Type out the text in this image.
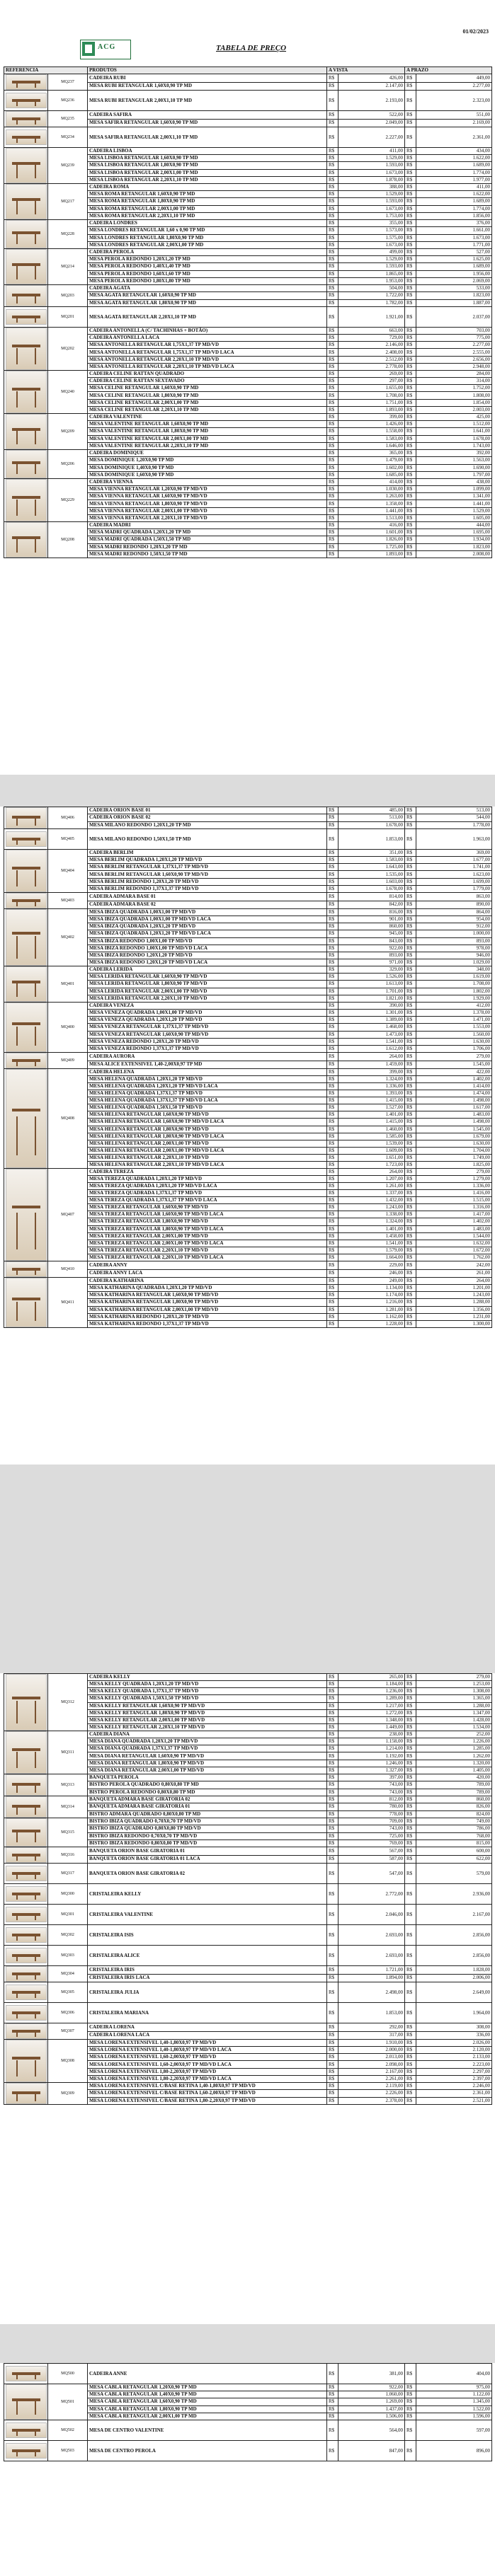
01/02/2023
ACG	TABELA DE PREÇO
REFERENCIA		PRODUTOS	A VISTA		A PRAZO	

	MQ237	CADEIRA RUBI	R$	426,00	R$	449,00
		MESA RUBI RETANGULAR 1,60X0,90 TP MD	R$	2.147,00	R$	2.277,00

	MQ236	MESA RUBI RETANGULAR 2,00X1,10 TP MD	R$	2.193,00	R$	2.323,00

	MQ235	CADEIRA SAFIRA	R$	522,00	R$	551,00
		MESA SAFIRA RETANGULAR 1,60X0,90 TP MD	R$	2.049,00	R$	2.169,00

	MQ234	MESA SAFIRA RETANGULAR 2,00X1,10 TP MD	R$	2.227,00	R$	2.361,00

	MQ239	CADEIRA LISBOA	R$	411,00	R$	434,00
		MESA LISBOA RETANGULAR 1,60X0,90 TP MD	R$	1.529,00	R$	1.622,00
		MESA LISBOA RETANGULAR 1,80X0,90 TP MD	R$	1.593,00	R$	1.689,00
		MESA LISBOA RETANGULAR 2,00X1,00 TP MD	R$	1.673,00	R$	1.774,00
		MESA LISBOA RETANGULAR 2,20X1,10 TP MD	R$	1.878,00	R$	1.977,00

	MQ217	CADEIRA ROMA	R$	388,00	R$	411,00
		MESA ROMA RETANGULAR 1,60X0,90 TP MD	R$	1.529,00	R$	1.622,00
		MESA ROMA RETANGULAR 1,80X0,90 TP MD	R$	1.593,00	R$	1.689,00
		MESA ROMA RETANGULAR 2,00X1,00 TP MD	R$	1.673,00	R$	1.774,00
		MESA ROMA RETANGULAR 2,20X1,10 TP MD	R$	1.753,00	R$	1.856,00

	MQ228	CADEIRA LONDRES	R$	355,00	R$	376,00
		MESA LONDRES RETANGULAR 1,60 x 0,90 TP MD	R$	1.573,00	R$	1.661,00
		MESA LONDRES RETANGULAR 1,80X0,90 TP MD	R$	1.575,00	R$	1.673,00
		MESA LONDRES RETANGULAR 2,00X1,00 TP MD	R$	1.673,00	R$	1.771,00

	MQ214	CADEIRA PEROLA	R$	499,00	R$	527,00
		MESA PEROLA REDONDO 1,20X1,20 TP MD	R$	1.529,00	R$	1.625,00
		MESA PEROLA REDONDO 1,40X1,40 TP MD	R$	1.593,00	R$	1.689,00
		MESA PEROLA REDONDO 1,60X1,60 TP MD	R$	1.865,00	R$	1.956,00
		MESA PEROLA REDONDO 1,80X1,80 TP MD	R$	1.953,00	R$	2.069,00

	MQ203	CADEIRA AGATA	R$	504,00	R$	533,00
		MESA AGATA RETANGULAR 1,60X0,90 TP MD	R$	1.722,00	R$	1.823,00
		MESA AGATA RETANGULAR 1,80X0,90 TP MD	R$	1.782,00	R$	1.887,00

	MQ201	MESA AGATA RETANGULAR 2,20X1,10 TP MD	R$	1.921,00	R$	2.037,00

	MQ202	CADEIRA ANTONELLA (C/ TACHINHAS + BOTÃO)	R$	663,00	R$	703,00
		CADEIRA ANTONELLA LACA	R$	729,00	R$	775,00
		MESA ANTONELLA RETANGULAR 1,75X1,37 TP MD/VD	R$	2.146,00	R$	2.277,00
		MESA ANTONELLA RETANGULAR 1,75X1,37 TP MD/VD LACA	R$	2.408,00	R$	2.555,00
		MESA ANTONELLA RETANGULAR 2,20X1,10 TP MD/VD	R$	2.512,00	R$	2.656,00
		MESA ANTONELLA RETANGULAR 2,20X1,10 TP MD/VD LACA	R$	2.778,00	R$	2.948,00

	MQ240	CADEIRA CELINE RATTAN QUADRADO	R$	269,00	R$	284,00
		CADEIRA CELINE RATTAN SEXTAVADO	R$	297,00	R$	314,00
		MESA CELINE RETANGULAR 1,60X0,90 TP MD	R$	1.655,00	R$	1.752,00
		MESA CELINE RETANGULAR 1,80X0,90 TP MD	R$	1.708,00	R$	1.808,00
		MESA CELINE RETANGULAR 2,00X1,00 TP MD	R$	1.751,00	R$	1.854,00
		MESA CELINE RETANGULAR 2,20X1,10 TP MD	R$	1.893,00	R$	2.003,00

	MQ209	CADEIRA VALENTINE	R$	399,00	R$	425,00
		MESA VALENTINE RETANGULAR 1,60X0,90 TP MD	R$	1.426,00	R$	1.512,00
		MESA VALENTINE RETANGULAR 1,80X0,90 TP MD	R$	1.558,00	R$	1.641,00
		MESA VALENTINE RETANGULAR 2,00X1,00 TP MD	R$	1.583,00	R$	1.678,00
		MESA VALENTINE RETANGULAR 2,20X1,10 TP MD	R$	1.646,00	R$	1.743,00

	MQ206	CADEIRA DOMINIQUE	R$	365,00	R$	392,00
		MESA DOMINIQUE 1,20X0,90 TP MD	R$	1.479,00	R$	1.563,00
		MESA DOMINIQUE 1,40X0,90 TP MD	R$	1.602,00	R$	1.690,00
		MESA DOMINIQUE 1,60X0,90 TP MD	R$	1.685,00	R$	1.797,00

	MQ229	CADEIRA VIENNA	R$	414,00	R$	438,00
		MESA VIENNA RETANGULAR 1,20X0,90 TP MD/VD	R$	1.030,00	R$	1.099,00
		MESA VIENNA RETANGULAR 1,60X0,90 TP MD/VD	R$	1.263,00	R$	1.341,00
		MESA VIENNA RETANGULAR 1,80X0,90 TP MD/VD	R$	1.358,00	R$	1.441,00
		MESA VIENNA RETANGULAR 2,00X1,00 TP MD/VD	R$	1.441,00	R$	1.529,00
		MESA VIENNA RETANGULAR 2,20X1,10 TP MD/VD	R$	1.513,00	R$	1.605,00

	MQ208	CADEIRA MADRI	R$	416,00	R$	444,00
		MESA MADRI QUADRADA 1,20X1,20 TP MD	R$	1.601,00	R$	1.695,00
		MESA MADRI QUADRADA 1,50X1,50 TP MD	R$	1.826,00	R$	1.934,00
		MESA MADRI REDONDO 1,20X1,20 TP MD	R$	1.725,00	R$	1.823,00
		MESA MADRI REDONDO 1,50X1,50 TP MD	R$	1.893,00	R$	2.008,00
	MQ406	CADEIRA ORION BASE 01	R$	485,00	R$	513,00
		CADEIRA ORION BASE 02	R$	513,00	R$	544,00
		MESA MILANO REDONDO 1,20X1,20 TP MD	R$	1.678,00	R$	1.778,00

	MQ405	MESA MILANO REDONDO 1,50X1,50 TP MD	R$	1.853,00	R$	1.963,00

	MQ404	CADEIRA BERLIM	R$	351,00	R$	369,00
		MESA BERLIM QUADRADA 1,20X1,20 TP MD/VD	R$	1.583,00	R$	1.677,00
		MESA BERLIM RETANGULAR 1,37X1,37 TP MD/VD	R$	1.643,00	R$	1.741,00
		MESA BERLIM RETANGULAR 1,60X0,90 TP MD/VD	R$	1.535,00	R$	1.623,00
		MESA BERLIM REDONDO 1,20X1,20 TP MD/VD	R$	1.603,00	R$	1.699,00
		MESA BERLIM REDONDO 1,37X1,37 TP MD/VD	R$	1.678,00	R$	1.779,00

	MQ403	CADEIRA ADMARA BASE 01	R$	814,00	R$	863,00
		CADEIRA ADMARA BASE 02	R$	842,00	R$	890,00

	MQ402	MESA IBIZA QUADRADA 1,00X1,00 TP MD/VD	R$	816,00	R$	864,00
		MESA IBIZA QUADRADA 1,00X1,00 TP MD/VD LACA	R$	901,00	R$	954,00
		MESA IBIZA QUADRADA 1,20X1,20 TP MD/VD	R$	860,00	R$	912,00
		MESA IBIZA QUADRADA 1,20X1,20 TP MD/VD LACA	R$	945,00	R$	1.000,00
		MESA IBIZA REDONDO 1,00X1,00 TP MD/VD	R$	843,00	R$	893,00
		MESA IBIZA REDONDO 1,00X1,00 TP MD/VD LACA	R$	922,00	R$	978,00
		MESA IBIZA REDONDO 1,20X1,20 TP MD/VD	R$	893,00	R$	946,00
		MESA IBIZA REDONDO 1,20X1,20 TP MD/VD LACA	R$	971,00	R$	1.029,00

	MQ401	CADEIRA LERIDA	R$	329,00	R$	348,00
		MESA LERIDA RETANGULAR 1,60X0,90 TP MD/VD	R$	1.526,00	R$	1.619,00
		MESA LERIDA RETANGULAR 1,80X0,90 TP MD/VD	R$	1.613,00	R$	1.708,00
		MESA LERIDA RETANGULAR 2,00X1,00 TP MD/VD	R$	1.701,00	R$	1.802,00
		MESA LERIDA RETANGULAR 2,20X1,10 TP MD/VD	R$	1.821,00	R$	1.929,00

	MQ400	CADEIRA VENEZA	R$	390,00	R$	412,00
		MESA VENEZA QUADRADA 1,00X1,00 TP MD/VD	R$	1.301,00	R$	1.378,00
		MESA VENEZA QUADRADA 1,20X1,20 TP MD/VD	R$	1.389,00	R$	1.471,00
		MESA VENEZA RETANGULAR 1,37X1,37 TP MD/VD	R$	1.468,00	R$	1.553,00
		MESA VENEZA RETANGULAR 1,60X0,90 TP MD/VD	R$	1.473,00	R$	1.560,00
		MESA VENEZA REDONDO 1,20X1,20 TP MD/VD	R$	1.541,00	R$	1.630,00
		MESA VENEZA REDONDO 1,37X1,37 TP MD/VD	R$	1.612,00	R$	1.706,00

	MQ409	CADEIRA AURORA	R$	264,00	R$	279,00
		MESA ALICE EXTENSIVEL 1,40-2,00X0,97 TP MD	R$	1.459,00	R$	1.545,00

	MQ408	CADEIRA HELENA	R$	399,00	R$	422,00
		MESA HELENA QUADRADA 1,20X1,20 TP MD/VD	R$	1.324,00	R$	1.402,00
		MESA HELENA QUADRADA 1,20X1,20 TP MD/VD LACA	R$	1.336,00	R$	1.414,00
		MESA HELENA QUADRADA 1,37X1,37 TP MD/VD	R$	1.393,00	R$	1.474,00
		MESA HELENA QUADRADA 1,37X1,37 TP MD/VD LACA	R$	1.415,00	R$	1.498,00
		MESA HELENA QUADRADA 1,50X1,50 TP MD/VD	R$	1.527,00	R$	1.617,00
		MESA HELENA RETANGULAR 1,60X0,90 TP MD/VD	R$	1.401,00	R$	1.483,00
		MESA HELENA RETANGULAR 1,60X0,90 TP MD/VD LACA	R$	1.415,00	R$	1.498,00
		MESA HELENA RETANGULAR 1,80X0,90 TP MD/VD	R$	1.460,00	R$	1.545,00
		MESA HELENA RETANGULAR 1,80X0,90 TP MD/VD LACA	R$	1.585,00	R$	1.679,00
		MESA HELENA RETANGULAR 2,00X1,00 TP MD/VD	R$	1.539,00	R$	1.630,00
		MESA HELENA RETANGULAR 2,00X1,00 TP MD/VD LACA	R$	1.609,00	R$	1.704,00
		MESA HELENA RETANGULAR 2,20X1,10 TP MD/VD	R$	1.651,00	R$	1.749,00
		MESA HELENA RETANGULAR 2,20X1,10 TP MD/VD LACA	R$	1.723,00	R$	1.825,00

	MQ407	CADEIRA TEREZA	R$	264,00	R$	279,00
		MESA TEREZA QUADRADA 1,20X1,20 TP MD/VD	R$	1.207,00	R$	1.279,00
		MESA TEREZA QUADRADA 1,20X1,20 TP MD/VD LACA	R$	1.261,00	R$	1.336,00
		MESA TEREZA QUADRADA 1,37X1,37 TP MD/VD	R$	1.337,00	R$	1.416,00
		MESA TEREZA QUADRADA 1,37X1,37 TP MD/VD LACA	R$	1.432,00	R$	1.515,00
		MESA TEREZA RETANGULAR 1,60X0,90 TP MD/VD	R$	1.243,00	R$	1.316,00
		MESA TEREZA RETANGULAR 1,60X0,90 TP MD/VD LACA	R$	1.338,00	R$	1.417,00
		MESA TEREZA RETANGULAR 1,80X0,90 TP MD/VD	R$	1.324,00	R$	1.402,00
		MESA TEREZA RETANGULAR 1,80X0,90 TP MD/VD LACA	R$	1.401,00	R$	1.483,00
		MESA TEREZA RETANGULAR 2,00X1,00 TP MD/VD	R$	1.458,00	R$	1.544,00
		MESA TEREZA RETANGULAR 2,00X1,00 TP MD/VD LACA	R$	1.541,00	R$	1.632,00
		MESA TEREZA RETANGULAR 2,20X1,10 TP MD/VD	R$	1.579,00	R$	1.672,00
		MESA TEREZA RETANGULAR 2,20X1,10 TP MD/VD LACA	R$	1.664,00	R$	1.762,00

	MQ410	CADEIRA ANNY	R$	229,00	R$	242,00
		CADEIRA ANNY LACA	R$	246,00	R$	261,00

	MQ411	CADEIRA KATHARINA	R$	249,00	R$	264,00
		MESA KATHARINA QUADRADA 1,20X1,20 TP MD/VD	R$	1.134,00	R$	1.201,00
		MESA KATHARINA RETANGULAR 1,60X0,90 TP MD/VD	R$	1.174,00	R$	1.243,00
		MESA KATHARINA RETANGULAR 1,80X0,90 TP MD/VD	R$	1.216,00	R$	1.288,00
		MESA KATHARINA RETANGULAR 2,00X1,00 TP MD/VD	R$	1.281,00	R$	1.356,00
		MESA KATHARINA REDONDO 1,20X1,20 TP MD/VD	R$	1.162,00	R$	1.231,00
		MESA KATHARINA REDONDO 1,37X1,37 TP MD/VD	R$	1.228,00	R$	1.300,00
	MQ312	CADEIRA KELLY	R$	265,00	R$	279,00
		MESA KELLY QUADRADA 1,20X1,20 TP MD/VD	R$	1.184,00	R$	1.253,00
		MESA KELLY QUADRADA 1,37X1,37 TP MD/VD	R$	1.236,00	R$	1.308,00
		MESA KELLY QUADRADA 1,50X1,50 TP MD/VD	R$	1.289,00	R$	1.365,00
		MESA KELLY RETANGULAR 1,60X0,90 TP MD/VD	R$	1.217,00	R$	1.288,00
		MESA KELLY RETANGULAR 1,80X0,90 TP MD/VD	R$	1.272,00	R$	1.347,00
		MESA KELLY RETANGULAR 2,00X1,00 TP MD/VD	R$	1.348,00	R$	1.428,00
		MESA KELLY RETANGULAR 2,20X1,10 TP MD/VD	R$	1.449,00	R$	1.534,00

	MQ311	CADEIRA DIANA	R$	238,00	R$	252,00
		MESA DIANA QUADRADA 1,20X1,20 TP MD/VD	R$	1.158,00	R$	1.226,00
		MESA DIANA QUADRADA 1,37X1,37 TP MD/VD	R$	1.214,00	R$	1.285,00
		MESA DIANA RETANGULAR 1,60X0,90 TP MD/VD	R$	1.192,00	R$	1.262,00
		MESA DIANA RETANGULAR 1,80X0,90 TP MD/VD	R$	1.246,00	R$	1.320,00
		MESA DIANA RETANGULAR 2,00X1,00 TP MD/VD	R$	1.327,00	R$	1.405,00

	MQ313	BANQUETA PEROLA	R$	397,00	R$	420,00
		BISTRO PEROLA QUADRADO 0,80X0,80 TP MD	R$	743,00	R$	789,00
		BISTRO PEROLA REDONDO 0,80X0,80 TP MD	R$	743,00	R$	789,00

	MQ314	BANQUETA ADMARA BASE GIRATORIA 02	R$	812,00	R$	860,00
		BANQUETA ADMARA BASE GIRATORIA 01	R$	780,00	R$	826,00
		BISTRO ADMARA QUADRADO 0,80X0,80 TP MD	R$	778,00	R$	824,00

	MQ315	BISTRO IBIZA QUADRADO 0,70X0,70 TP MD/VD	R$	709,00	R$	749,00
		BISTRO IBIZA QUADRADO 0,80X0,80 TP MD/VD	R$	743,00	R$	786,00
		BISTRO IBIZA REDONDO 0,70X0,70 TP MD/VD	R$	725,00	R$	768,00
		BISTRO IBIZA REDONDO 0,80X0,80 TP MD/VD	R$	769,00	R$	815,00

	MQ316	BANQUETA ORION BASE GIRATORIA 01	R$	567,00	R$	600,00
		BANQUETA ORION BASE GIRATORIA 01 LACA	R$	587,00	R$	622,00

	MQ317	BANQUETA ORION BASE GIRATORIA 02	R$	547,00	R$	579,00

	MQ300	CRISTALEIRA KELLY	R$	2.772,00	R$	2.936,00

	MQ301	CRISTALEIRA VALENTINE	R$	2.046,00	R$	2.167,00

	MQ302	CRISTALEIRA ISIS	R$	2.693,00	R$	2.856,00

	MQ303	CRISTALEIRA ALICE	R$	2.693,00	R$	2.856,00

	MQ304	CRISTALEIRA IRIS	R$	1.721,00	R$	1.828,00
		CRISTALEIRA IRIS LACA	R$	1.894,00	R$	2.006,00

	MQ305	CRISTALEIRA JULIA	R$	2.498,00	R$	2.649,00

	MQ306	CRISTALEIRA MARIANA	R$	1.853,00	R$	1.964,00

	MQ307	CADEIRA LORENA	R$	292,00	R$	308,00
		CADEIRA LORENA LACA	R$	317,00	R$	336,00

	MQ308	MESA LORENA EXTENSIVEL 1,40-1,80X0,97 TP MD/VD	R$	1.910,00	R$	2.026,00
		MESA LORENA EXTENSIVEL 1,40-1,80X0,97 TP MD/VD LACA	R$	2.000,00	R$	2.120,00
		MESA LORENA EXTENSIVEL 1,60-2,00X0,97 TP MD/VD	R$	2.013,00	R$	2.133,00
		MESA LORENA EXTENSIVEL 1,60-2,00X0,97 TP MD/VD LACA	R$	2.098,00	R$	2.223,00
		MESA LORENA EXTENSIVEL 1,80-2,20X0,97 TP MD/VD	R$	2.167,00	R$	2.297,00
		MESA LORENA EXTENSIVEL 1,80-2,20X0,97 TP MD/VD LACA	R$	2.261,00	R$	2.397,00

	MQ309	MESA LORENA EXTENSIVEL C/BASE RETINA 1,40-1,80X0,97 TP MD/VD	R$	2.119,00	R$	2.246,00
		MESA LORENA EXTENSIVEL C/BASE RETINA 1,60-2,00X0,97 TP MD/VD	R$	2.226,00	R$	2.361,00
		MESA LORENA EXTENSIVEL C/BASE RETINA 1,80-2,20X0,97 TP MD/VD	R$	2.378,00	R$	2.521,00
	MQ500	CADEIRA ANNE	R$	381,00	R$	404,00

	MQ501	MESA CABLA RETANGULAR 1,20X0,90 TP MD	R$	922,00	R$	975,00
		MESA CABLA RETANGULAR 1,40X0,90 TP MD	R$	1.060,00	R$	1.122,00
		MESA CABLA RETANGULAR 1,60X0,90 TP MD	R$	1.269,00	R$	1.345,00
		MESA CABLA RETANGULAR 1,80X0,90 TP MD	R$	1.437,00	R$	1.522,00
		MESA CABLA RETANGULAR 2,00X1,00 TP MD	R$	1.506,00	R$	1.596,00

	MQ502	MESA DE CENTRO VALENTINE	R$	564,00	R$	597,00

	MQ503	MESA DE CENTRO PEROLA	R$	847,00	R$	896,00
